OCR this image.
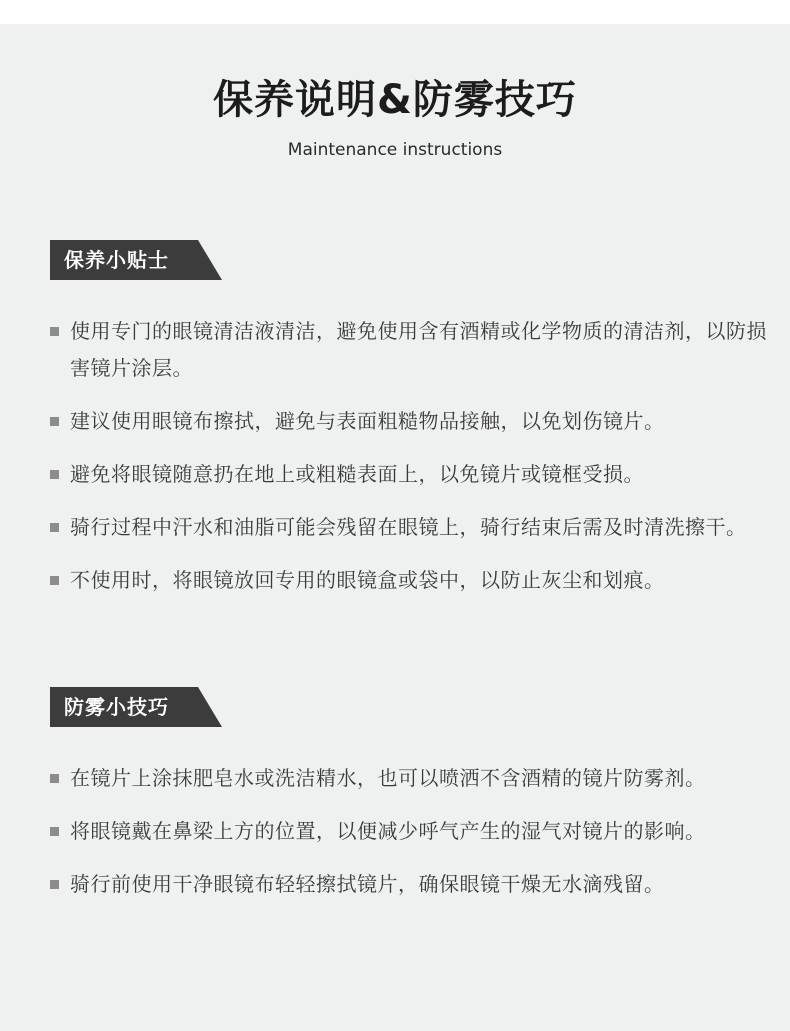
保养说明&防雾技巧

Maintenance instructions

保养小贴士
使用专门的眼镜清洁液清洁，避免使用含有酒精或化学物质的清洁剂，以防损害镜片涂层。
建议使用眼镜布擦拭，避免与表面粗糙物品接触，以免划伤镜片。
避免将眼镜随意扔在地上或粗糙表面上，以免镜片或镜框受损。
骑行过程中汗水和油脂可能会残留在眼镜上，骑行结束后需及时清洗擦干。
不使用时，将眼镜放回专用的眼镜盒或袋中，以防止灰尘和划痕。
防雾小技巧
在镜片上涂抹肥皂水或洗洁精水，也可以喷洒不含酒精的镜片防雾剂。
将眼镜戴在鼻梁上方的位置，以便减少呼气产生的湿气对镜片的影响。
骑行前使用干净眼镜布轻轻擦拭镜片，确保眼镜干燥无水滴残留。
